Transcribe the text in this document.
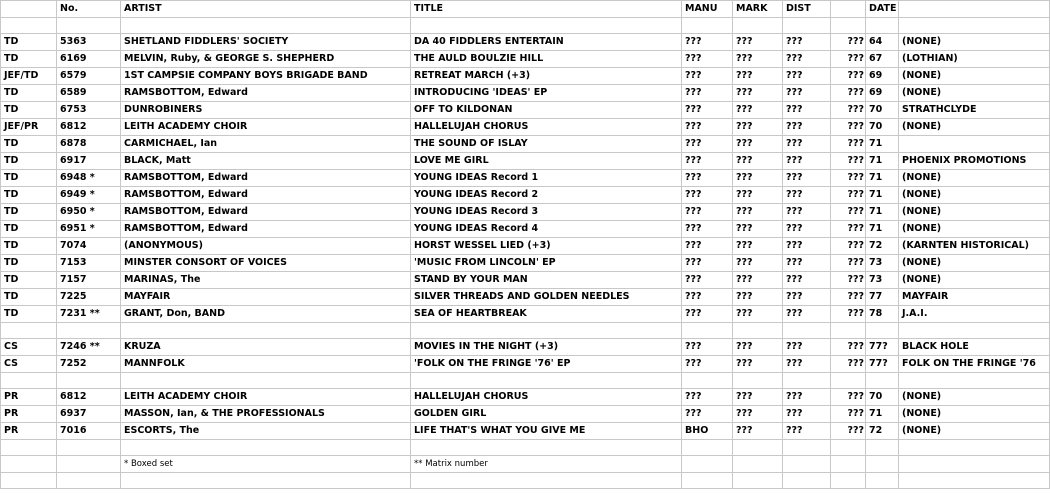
	No.	ARTIST	TITLE	MANU	MARK	DIST		DATE	

TD	5363	SHETLAND FIDDLERS' SOCIETY	DA 40 FIDDLERS ENTERTAIN	???	???	???	???	64	(NONE)
TD	6169	MELVIN, Ruby, & GEORGE S. SHEPHERD	THE AULD BOULZIE HILL	???	???	???	???	67	(LOTHIAN)
JEF/TD	6579	1ST CAMPSIE COMPANY BOYS BRIGADE BAND	RETREAT MARCH (+3)	???	???	???	???	69	(NONE)
TD	6589	RAMSBOTTOM, Edward	INTRODUCING 'IDEAS' EP	???	???	???	???	69	(NONE)
TD	6753	DUNROBINERS	OFF TO KILDONAN	???	???	???	???	70	STRATHCLYDE
JEF/PR	6812	LEITH ACADEMY CHOIR	HALLELUJAH CHORUS	???	???	???	???	70	(NONE)
TD	6878	CARMICHAEL, Ian	THE SOUND OF ISLAY	???	???	???	???	71	
TD	6917	BLACK, Matt	LOVE ME GIRL	???	???	???	???	71	PHOENIX PROMOTIONS
TD	6948 *	RAMSBOTTOM, Edward	YOUNG IDEAS Record 1	???	???	???	???	71	(NONE)
TD	6949 *	RAMSBOTTOM, Edward	YOUNG IDEAS Record 2	???	???	???	???	71	(NONE)
TD	6950 *	RAMSBOTTOM, Edward	YOUNG IDEAS Record 3	???	???	???	???	71	(NONE)
TD	6951 *	RAMSBOTTOM, Edward	YOUNG IDEAS Record 4	???	???	???	???	71	(NONE)
TD	7074	(ANONYMOUS)	HORST WESSEL LIED (+3)	???	???	???	???	72	(KARNTEN HISTORICAL)
TD	7153	MINSTER CONSORT OF VOICES	'MUSIC FROM LINCOLN' EP	???	???	???	???	73	(NONE)
TD	7157	MARINAS, The	STAND BY YOUR MAN	???	???	???	???	73	(NONE)
TD	7225	MAYFAIR	SILVER THREADS AND GOLDEN NEEDLES	???	???	???	???	77	MAYFAIR
TD	7231 **	GRANT, Don, BAND	SEA OF HEARTBREAK	???	???	???	???	78	J.A.I.

CS	7246 **	KRUZA	MOVIES IN THE NIGHT (+3)	???	???	???	???	77?	BLACK HOLE
CS	7252	MANNFOLK	'FOLK ON THE FRINGE '76' EP	???	???	???	???	77?	FOLK ON THE FRINGE '76

PR	6812	LEITH ACADEMY CHOIR	HALLELUJAH CHORUS	???	???	???	???	70	(NONE)
PR	6937	MASSON, Ian, & THE PROFESSIONALS	GOLDEN GIRL	???	???	???	???	71	(NONE)
PR	7016	ESCORTS, The	LIFE THAT'S WHAT YOU GIVE ME	BHO	???	???	???	72	(NONE)

		* Boxed set	** Matrix number						
